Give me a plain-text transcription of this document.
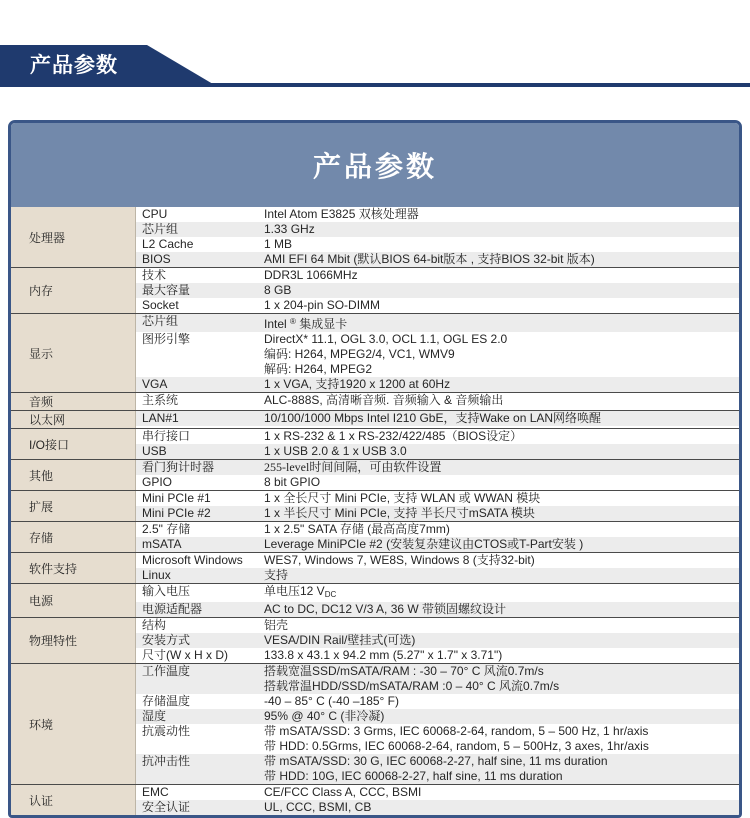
产品参数
产品参数
处理器
CPU	Intel Atom E3825 双核处理器
芯片组	1.33 GHz
L2 Cache	1 MB
BIOS	AMI EFI 64 Mbit (默认BIOS 64-bit版本 , 支持BIOS 32-bit 版本)
内存
技术	DDR3L 1066MHz
最大容量	8 GB
Socket	1 x 204-pin SO-DIMM
显示
芯片组	Intel ® 集成显卡
图形引擎	DirectX* 11.1, OGL 3.0, OCL 1.1, OGL ES 2.0
编码: H264, MPEG2/4, VC1, WMV9
解码: H264, MPEG2
VGA	1 x VGA, 支持1920 x 1200 at 60Hz
音频	主系统	ALC-888S, 高清晰音频. 音频输入 & 音频输出
以太网	LAN#1	10/100/1000 Mbps Intel I210 GbE，支持Wake on LAN网络唤醒
I/O接口
串行接口	1 x RS-232 & 1 x RS-232/422/485（BIOS设定）
USB	1 x USB 2.0 & 1 x USB 3.0
其他
看门狗计时器	255-level时间间隔，可由软件设置
GPIO	8 bit GPIO
扩展
Mini PCIe #1	1 x 全长尺寸 Mini PCIe, 支持 WLAN 或 WWAN 模块
Mini PCIe #2	1 x 半长尺寸 Mini PCIe, 支持 半长尺寸mSATA 模块
存储
2.5" 存储	1 x 2.5" SATA 存储 (最高高度7mm)
mSATA	Leverage MiniPCIe #2 (安装复杂建议由CTOS或T-Part安装 )
软件支持
Microsoft Windows	WES7, Windows 7, WE8S, Windows 8 (支持32-bit)
Linux	支持
电源
输入电压	单电压12 $V_{DC}$
电源适配器	AC to DC, DC12 V/3 A, 36 W 带锁固螺纹设计
物理特性
结构	铝壳
安装方式	VESA/DIN Rail/壁挂式(可选)
尺寸(W x H x D)	133.8 x 43.1 x 94.2 mm (5.27" x 1.7" x 3.71")
环境
工作温度	搭载宽温SSD/mSATA/RAM : -30 – 70° C 风流0.7m/s
搭载常温HDD/SSD/mSATA/RAM :0 – 40° C 风流0.7m/s
存储温度	-40 – 85° C (-40 –185° F)
湿度	95% @ 40° C (非冷凝)
抗震动性	带 mSATA/SSD: 3 Grms, IEC 60068-2-64, random, 5 – 500 Hz, 1 hr/axis
带 HDD: 0.5Grms, IEC 60068-2-64, random, 5 – 500Hz, 3 axes, 1hr/axis
抗冲击性	带 mSATA/SSD: 30 G, IEC 60068-2-27, half sine, 11 ms duration
带 HDD: 10G, IEC 60068-2-27, half sine, 11 ms duration
认证
EMC	CE/FCC Class A, CCC, BSMI
安全认证	UL, CCC, BSMI, CB
